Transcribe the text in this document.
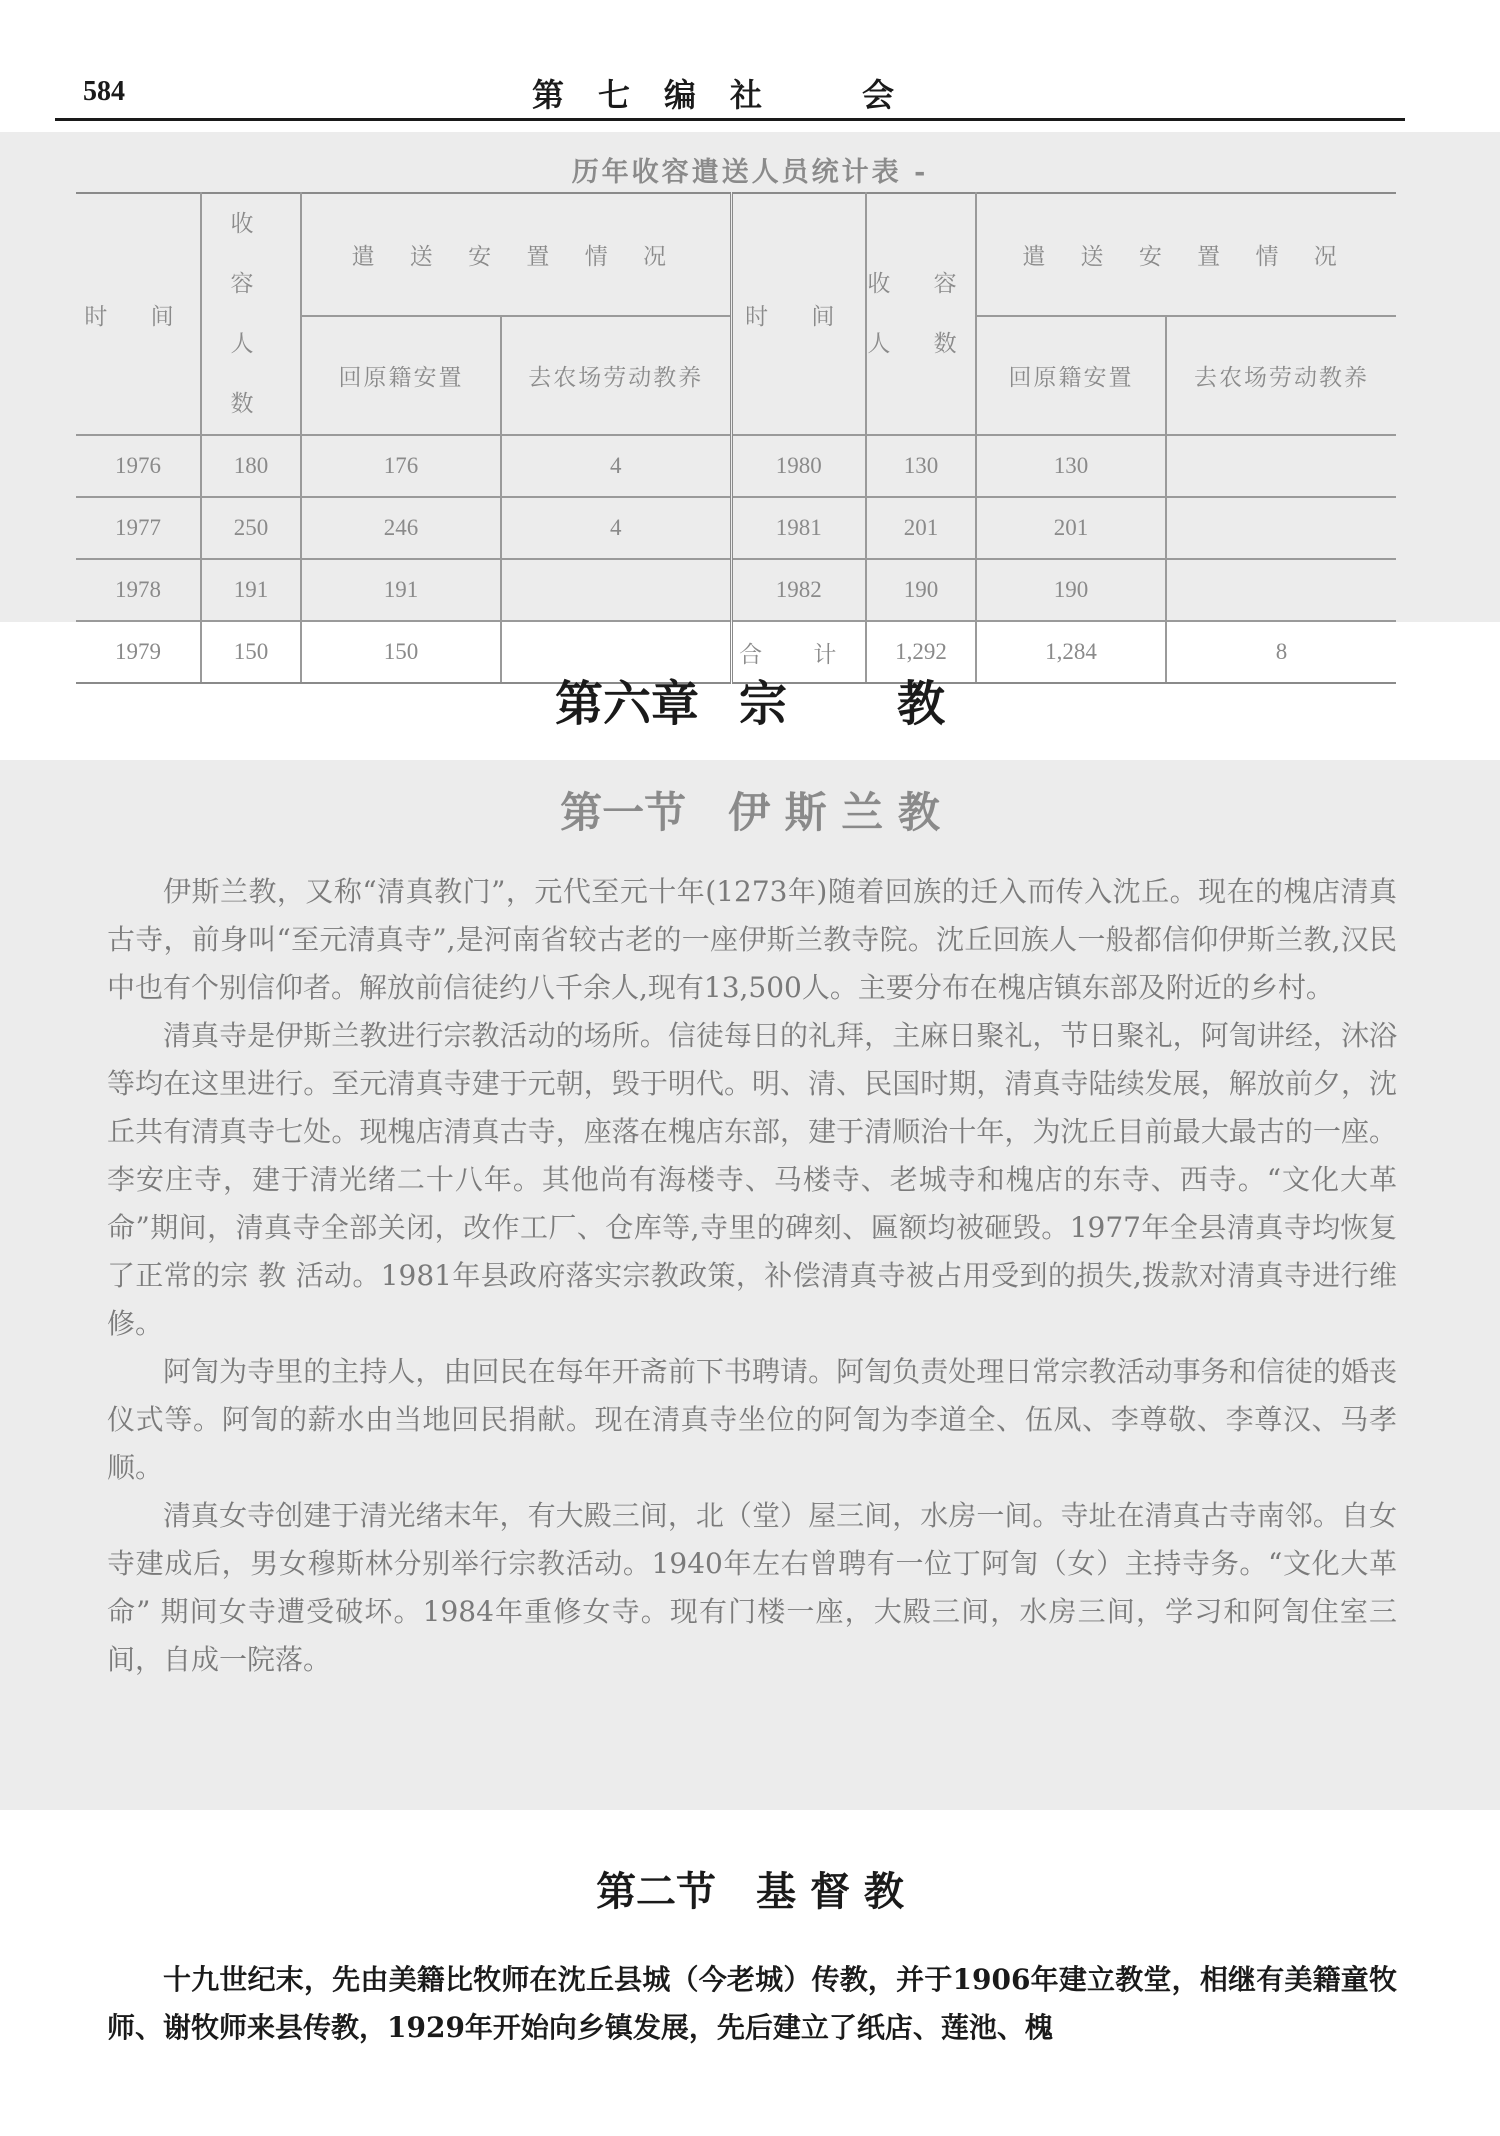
584	第七编社　会
历年收容遣送人员统计表 -
时 间	收 容 人 数	遣 送 安 置 情 况		时 间	收 容 人 数	遣 送 安 置 情 况	
		回原籍安置	去农场劳动教养			回原籍安置	去农场劳动教养
1976	180	176	4	1980	130	130	
1977	250	246	4	1981	201	201	
1978	191	191		1982	190	190	
1979	150	150		合 计	1,292	1,284	8
第六章 宗 教
第一节　伊 斯 兰 教

伊斯兰教，又称“清真教门”，元代至元十年(1273年)随着回族的迁入而传入沈丘。现在的槐店清真古寺，前身叫“至元清真寺”,是河南省较古老的一座伊斯兰教寺院。沈丘回族人一般都信仰伊斯兰教,汉民中也有个别信仰者。解放前信徒约八千余人,现有13,500人。主要分布在槐店镇东部及附近的乡村。

清真寺是伊斯兰教进行宗教活动的场所。信徒每日的礼拜，主麻日聚礼，节日聚礼，阿訇讲经，沐浴等均在这里进行。至元清真寺建于元朝，毁于明代。明、清、民国时期，清真寺陆续发展，解放前夕，沈丘共有清真寺七处。现槐店清真古寺，座落在槐店东部，建于清顺治十年，为沈丘目前最大最古的一座。李安庄寺，建于清光绪二十八年。其他尚有海楼寺、马楼寺、老城寺和槐店的东寺、西寺。“文化大革命”期间，清真寺全部关闭，改作工厂、仓库等,寺里的碑刻、匾额均被砸毁。1977年全县清真寺均恢复了正常的宗 教 活动。1981年县政府落实宗教政策，补偿清真寺被占用受到的损失,拨款对清真寺进行维修。

阿訇为寺里的主持人，由回民在每年开斋前下书聘请。阿訇负责处理日常宗教活动事务和信徒的婚丧仪式等。阿訇的薪水由当地回民捐献。现在清真寺坐位的阿訇为李道全、伍凤、李尊敬、李尊汉、马孝顺。

清真女寺创建于清光绪末年，有大殿三间，北（堂）屋三间，水房一间。寺址在清真古寺南邻。自女寺建成后，男女穆斯林分别举行宗教活动。1940年左右曾聘有一位丁阿訇（女）主持寺务。“文化大革命” 期间女寺遭受破坏。1984年重修女寺。现有门楼一座，大殿三间，水房三间，学习和阿訇住室三间，自成一院落。

第二节　基 督 教

十九世纪末，先由美籍比牧师在沈丘县城（今老城）传教，并于1906年建立教堂，相继有美籍童牧师、谢牧师来县传教，1929年开始向乡镇发展，先后建立了纸店、莲池、槐
